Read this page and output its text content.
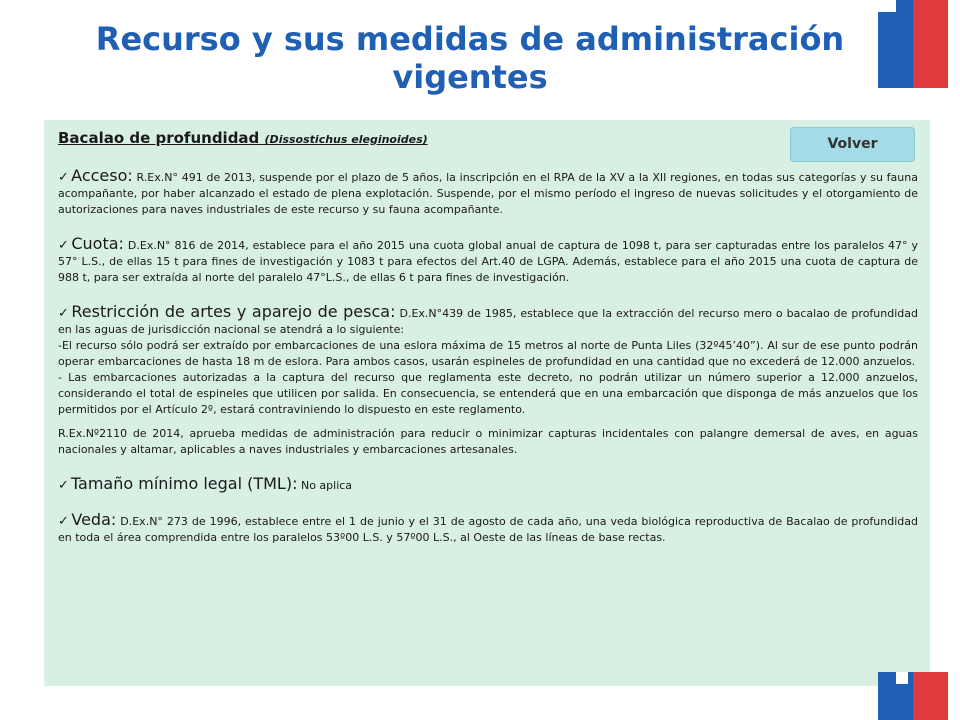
Recurso y sus medidas de administración vigentes
Bacalao de profundidad (Dissostichus eleginoides)	Volver
✓ Acceso: R.Ex.N° 491 de 2013, suspende por el plazo de 5 años, la inscripción en el RPA de la XV a la XII regiones, en todas sus categorías y su fauna acompañante, por haber alcanzado el estado de plena explotación. Suspende, por el mismo período el ingreso de nuevas solicitudes y el otorgamiento de autorizaciones para naves industriales de este recurso y su fauna acompañante.
✓ Cuota: D.Ex.N° 816 de 2014, establece para el año 2015 una cuota global anual de captura de 1098 t, para ser capturadas entre los paralelos 47° y 57° L.S., de ellas 15 t para fines de investigación y 1083 t para efectos del Art.40 de LGPA. Además, establece para el año 2015 una cuota de captura de 988 t, para ser extraída al norte del paralelo 47°L.S., de ellas 6 t para fines de investigación.
✓ Restricción de artes y aparejo de pesca: D.Ex.N°439 de 1985, establece que la extracción del recurso mero o bacalao de profundidad en las aguas de jurisdicción nacional se atendrá a lo siguiente:
-El recurso sólo podrá ser extraído por embarcaciones de una eslora máxima de 15 metros al norte de Punta Liles (32º45’40”). Al sur de ese punto podrán operar embarcaciones de hasta 18 m de eslora. Para ambos casos, usarán espineles de profundidad en una cantidad que no excederá de 12.000 anzuelos.
- Las embarcaciones autorizadas a la captura del recurso que reglamenta este decreto, no podrán utilizar un número superior a 12.000 anzuelos, considerando el total de espineles que utilicen por salida. En consecuencia, se entenderá que en una embarcación que disponga de más anzuelos que los permitidos por el Artículo 2º, estará contraviniendo lo dispuesto en este reglamento.
R.Ex.Nº2110 de 2014, aprueba medidas de administración para reducir o minimizar capturas incidentales con palangre demersal de aves, en aguas nacionales y altamar, aplicables a naves industriales y embarcaciones artesanales.
✓ Tamaño mínimo legal (TML): No aplica
✓ Veda: D.Ex.N° 273 de 1996, establece entre el 1 de junio y el 31 de agosto de cada año, una veda biológica reproductiva de Bacalao de profundidad en toda el área comprendida entre los paralelos 53º00 L.S. y 57º00 L.S., al Oeste de las líneas de base rectas.
